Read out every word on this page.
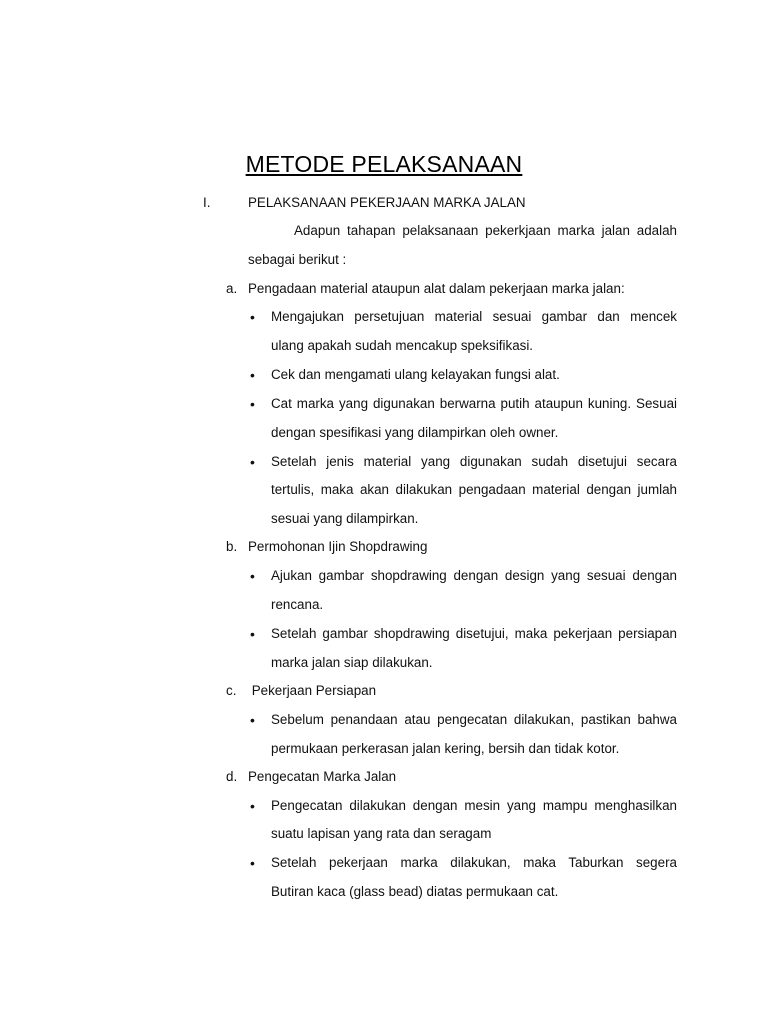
METODE PELAKSANAAN
I.	PELAKSANAAN PEKERJAAN MARKA JALAN
Adapun tahapan pelaksanaan pekerkjaan marka jalan adalah
sebagai berikut :
a. Pengadaan material ataupun alat dalam pekerjaan marka jalan:
• Mengajukan persetujuan material sesuai gambar dan mencek
ulang apakah sudah mencakup speksifikasi.
• Cek dan mengamati ulang kelayakan fungsi alat.
• Cat marka yang digunakan berwarna putih ataupun kuning. Sesuai
dengan spesifikasi yang dilampirkan oleh owner.
• Setelah jenis material yang digunakan sudah disetujui secara
tertulis, maka akan dilakukan pengadaan material dengan jumlah
sesuai yang dilampirkan.
b. Permohonan Ijin Shopdrawing
• Ajukan gambar shopdrawing dengan design yang sesuai dengan
rencana.
• Setelah gambar shopdrawing disetujui, maka pekerjaan persiapan
marka jalan siap dilakukan.
c. Pekerjaan Persiapan
• Sebelum penandaan atau pengecatan dilakukan, pastikan bahwa
permukaan perkerasan jalan kering, bersih dan tidak kotor.
d. Pengecatan Marka Jalan
• Pengecatan dilakukan dengan mesin yang mampu menghasilkan
suatu lapisan yang rata dan seragam
• Setelah pekerjaan marka dilakukan, maka Taburkan segera
Butiran kaca (glass bead) diatas permukaan cat.
